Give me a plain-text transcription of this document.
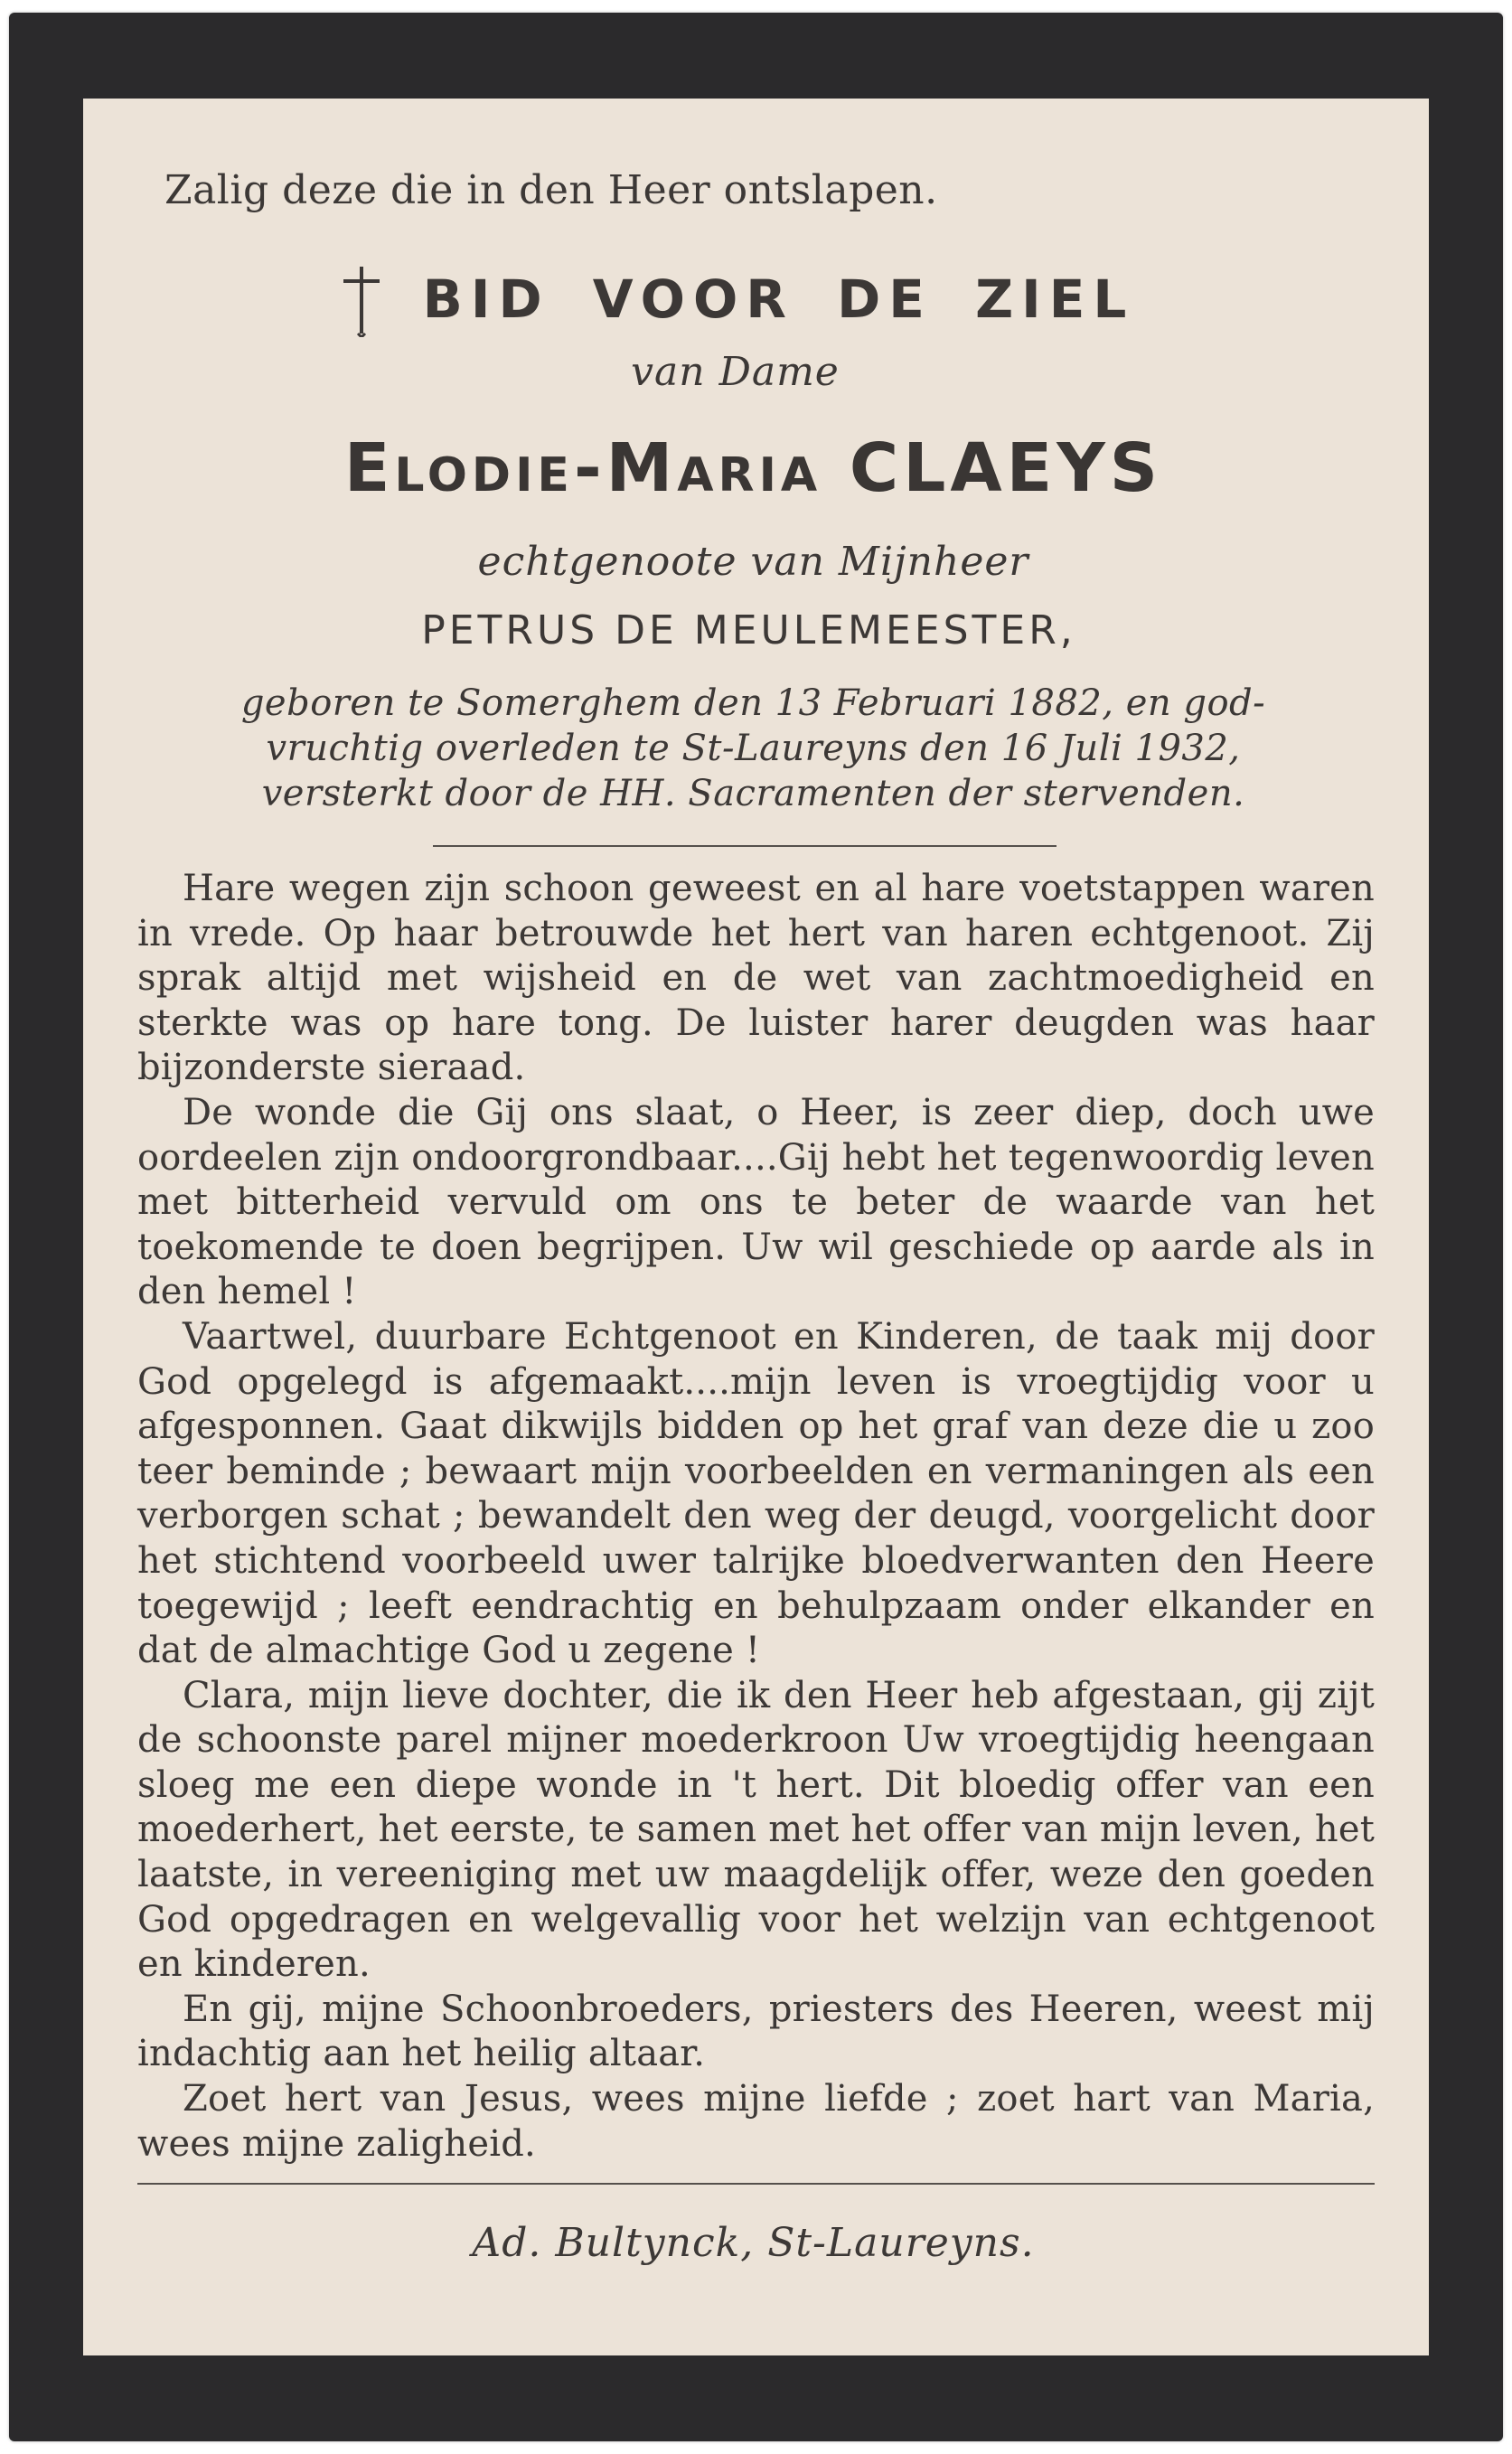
Zalig deze die in den Heer ontslapen.
BID VOOR DE ZIEL
van Dame
Elodie-Maria CLAEYS
echtgenoote van Mijnheer
PETRUS DE MEULEMEESTER,
geboren te Somerghem den 13 Februari 1882, en god-
vruchtig overleden te St-Laureyns den 16 Juli 1932,
versterkt door de HH. Sacramenten der stervenden.

Hare wegen zijn schoon geweest en al hare voetstappen waren in vrede. Op haar betrouwde het hert van haren echtgenoot. Zij sprak altijd met wijsheid en de wet van zachtmoedigheid en sterkte was op hare tong. De luister harer deugden was haar bijzonderste sieraad.

De wonde die Gij ons slaat, o Heer, is zeer diep, doch uwe oordeelen zijn ondoorgrondbaar....Gij hebt het tegenwoordig leven met bitterheid vervuld om ons te beter de waarde van het toekomende te doen begrijpen. Uw wil geschiede op aarde als in den hemel !

Vaartwel, duurbare Echtgenoot en Kinderen, de taak mij door God opgelegd is afgemaakt....mijn leven is vroegtijdig voor u afgesponnen. Gaat dikwijls bidden op het graf van deze die u zoo teer beminde ; bewaart mijn voorbeelden en vermaningen als een verborgen schat ; bewandelt den weg der deugd, voorgelicht door het stichtend voorbeeld uwer talrijke bloedverwanten den Heere toegewijd ; leeft eendrachtig en behulpzaam onder elkander en dat de almachtige God u zegene !

Clara, mijn lieve dochter, die ik den Heer heb afgestaan, gij zijt de schoonste parel mijner moederkroon Uw vroegtijdig heengaan sloeg me een diepe wonde in 't hert. Dit bloedig offer van een moederhert, het eerste, te samen met het offer van mijn leven, het laatste, in vereeniging met uw maagdelijk offer, weze den goeden God opgedragen en welgevallig voor het welzijn van echtgenoot en kinderen.

En gij, mijne Schoonbroeders, priesters des Heeren, weest mij indachtig aan het heilig altaar.

Zoet hert van Jesus, wees mijne liefde ; zoet hart van Maria, wees mijne zaligheid.

Ad. Bultynck, St-Laureyns.
